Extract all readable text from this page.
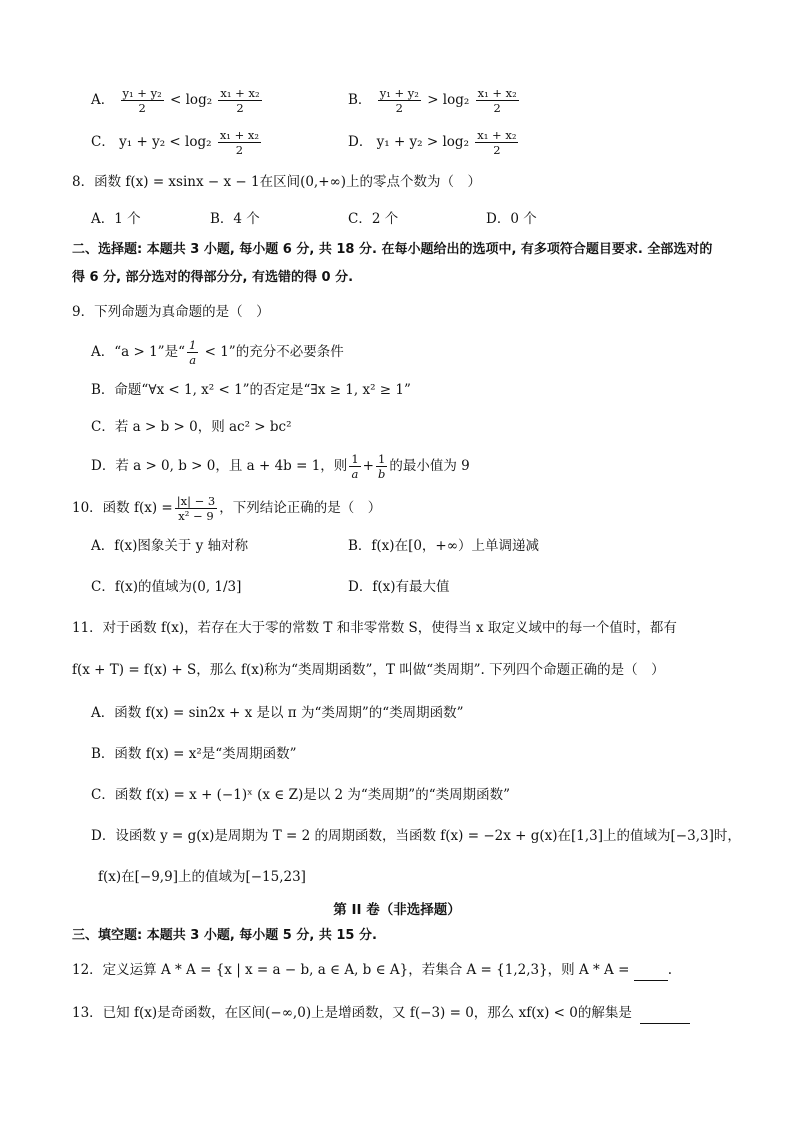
A． $\frac{\text{y₁ + y₂}}{2} < \log_2 \frac{\text{x₁ + x₂}}{2}$	B． $\frac{\text{y₁ + y₂}}{2} > \log_2 \frac{\text{x₁ + x₂}}{2}$
C． $y_1 + y_2 < \log_2 \frac{\text{x₁ + x₂}}{2}$	D． $y_1 + y_2 > \log_2 \frac{\text{x₁ + x₂}}{2}$
8．函数 f(x) = xsinx − x − 1在区间(0,+∞)上的零点个数为（　）
A．1 个	B．4 个	C．2 个	D．0 个
二、选择题: 本题共 3 小题, 每小题 6 分, 共 18 分. 在每小题给出的选项中, 有多项符合题目要求. 全部选对的
得 6 分, 部分选对的得部分分, 有选错的得 0 分.
9．下列命题为真命题的是（　）
A．“a > 1”是“ $\frac{1}{a} < 1$”的充分不必要条件
B．命题“∀x < 1, x² < 1”的否定是“∃x ≥ 1, x² ≥ 1”
C．若 a > b > 0，则 ac² > bc²
D．若 a > 0, b > 0，且 a + 4b = 1，则 $\frac{1}{a} + \frac{1}{b}$ 的最小值为 9
10．函数 $f(x) = \frac{|x| - 3}{\text{x² − 9}}$ ，下列结论正确的是（　）
A．f(x)图象关于 y 轴对称	B．f(x)在[0，+∞）上单调递减
C．f(x)的值域为(0, 1/3]	D．f(x)有最大值
11．对于函数 f(x)，若存在大于零的常数 T 和非零常数 S，使得当 x 取定义域中的每一个值时，都有
f(x + T) = f(x) + S，那么 f(x)称为“类周期函数”，T 叫做“类周期”. 下列四个命题正确的是（　）
A．函数 f(x) = sin2x + x 是以 π 为“类周期”的“类周期函数”
B．函数 f(x) = x²是“类周期函数”
C．函数 f(x) = x + (−1)ˣ (x ∈ Z)是以 2 为“类周期”的“类周期函数”
D．设函数 y = g(x)是周期为 T = 2 的周期函数，当函数 f(x) = −2x + g(x)在[1,3]上的值域为[−3,3]时，
f(x)在[−9,9]上的值域为[−15,23]
第 II 卷（非选择题）
三、填空题: 本题共 3 小题, 每小题 5 分, 共 15 分.
12．定义运算 A * A = {x | x = a − b, a ∈ A, b ∈ A}，若集合 A = {1,2,3}，则 A * A =	.
13．已知 f(x)是奇函数，在区间(−∞,0)上是增函数，又 f(−3) = 0，那么 xf(x) < 0的解集是
